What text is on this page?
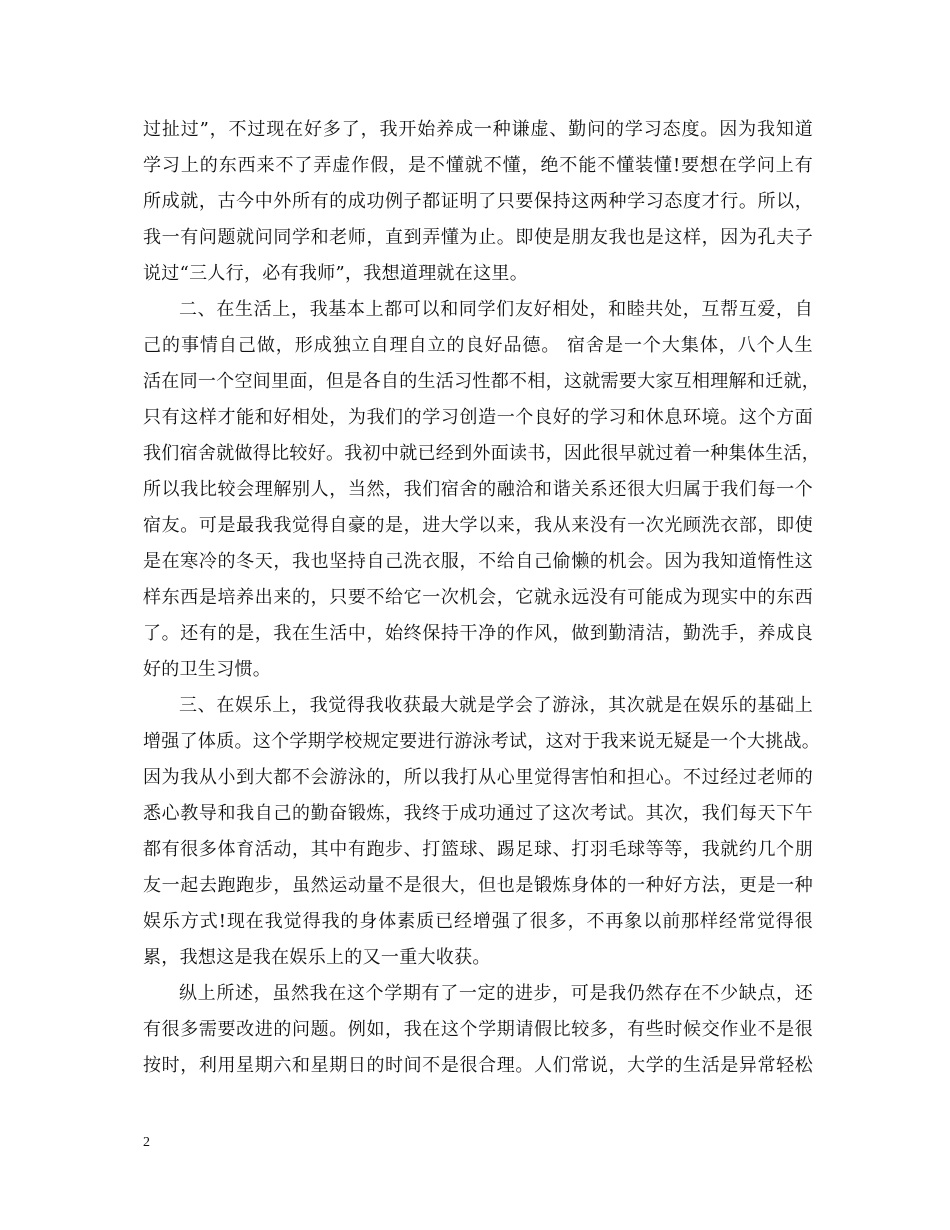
过扯过”，不过现在好多了，我开始养成一种谦虚、勤问的学习态度。因为我知道
学习上的东西来不了弄虚作假，是不懂就不懂，绝不能不懂装懂!要想在学问上有
所成就，古今中外所有的成功例子都证明了只要保持这两种学习态度才行。所以，
我一有问题就问同学和老师，直到弄懂为止。即使是朋友我也是这样，因为孔夫子
说过“三人行，必有我师”，我想道理就在这里。
二、在生活上，我基本上都可以和同学们友好相处，和睦共处，互帮互爱，自
己的事情自己做，形成独立自理自立的良好品德。 宿舍是一个大集体，八个人生
活在同一个空间里面，但是各自的生活习性都不相，这就需要大家互相理解和迁就，
只有这样才能和好相处，为我们的学习创造一个良好的学习和休息环境。这个方面
我们宿舍就做得比较好。我初中就已经到外面读书，因此很早就过着一种集体生活，
所以我比较会理解别人，当然，我们宿舍的融洽和谐关系还很大归属于我们每一个
宿友。可是最我我觉得自豪的是，进大学以来，我从来没有一次光顾洗衣部，即使
是在寒冷的冬天，我也坚持自己洗衣服，不给自己偷懒的机会。因为我知道惰性这
样东西是培养出来的，只要不给它一次机会，它就永远没有可能成为现实中的东西
了。还有的是，我在生活中，始终保持干净的作风，做到勤清洁，勤洗手，养成良
好的卫生习惯。
三、在娱乐上，我觉得我收获最大就是学会了游泳，其次就是在娱乐的基础上
增强了体质。这个学期学校规定要进行游泳考试，这对于我来说无疑是一个大挑战。
因为我从小到大都不会游泳的，所以我打从心里觉得害怕和担心。不过经过老师的
悉心教导和我自己的勤奋锻炼，我终于成功通过了这次考试。其次，我们每天下午
都有很多体育活动，其中有跑步、打篮球、踢足球、打羽毛球等等，我就约几个朋
友一起去跑跑步，虽然运动量不是很大，但也是锻炼身体的一种好方法，更是一种
娱乐方式!现在我觉得我的身体素质已经增强了很多，不再象以前那样经常觉得很
累，我想这是我在娱乐上的又一重大收获。
纵上所述，虽然我在这个学期有了一定的进步，可是我仍然存在不少缺点，还
有很多需要改进的问题。例如，我在这个学期请假比较多，有些时候交作业不是很
按时，利用星期六和星期日的时间不是很合理。人们常说，大学的生活是异常轻松
2
